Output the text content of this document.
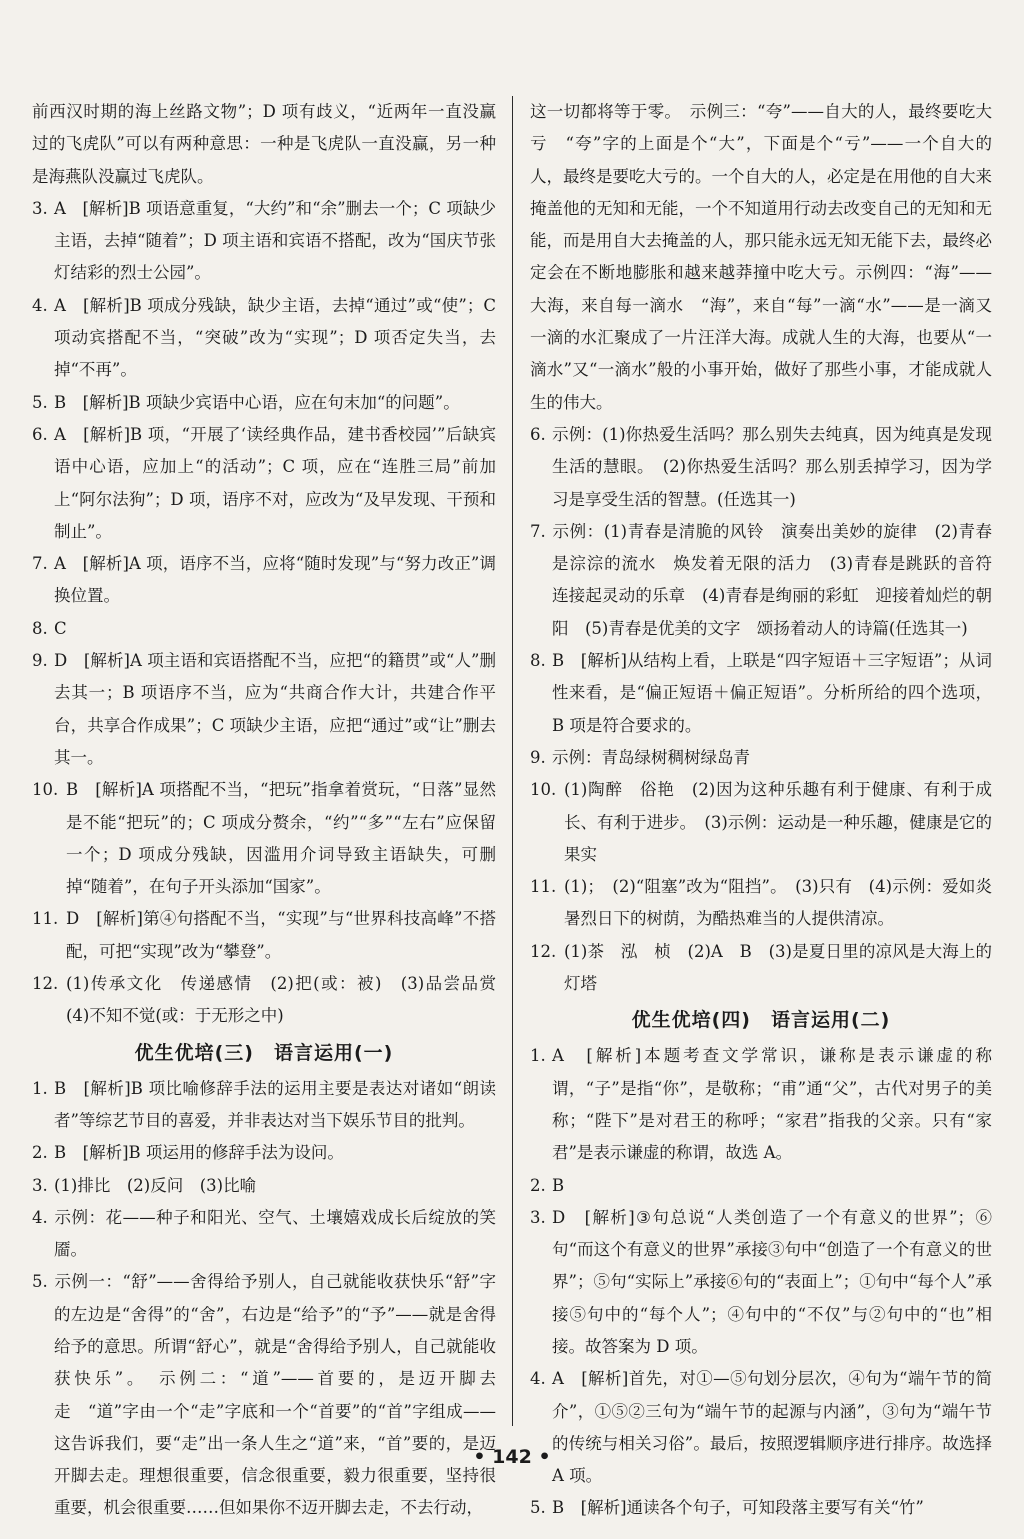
前西汉时期的海上丝路文物”；D 项有歧义，“近两年一直没赢过的飞虎队”可以有两种意思：一种是飞虎队一直没赢，另一种是海燕队没赢过飞虎队。
3. A　[解析]B 项语意重复，“大约”和“余”删去一个；C 项缺少主语，去掉“随着”；D 项主语和宾语不搭配，改为“国庆节张灯结彩的烈士公园”。
4. A　[解析]B 项成分残缺，缺少主语，去掉“通过”或“使”；C 项动宾搭配不当，“突破”改为“实现”；D 项否定失当，去掉“不再”。
5. B　[解析]B 项缺少宾语中心语，应在句末加“的问题”。
6. A　[解析]B 项，“开展了‘读经典作品，建书香校园’”后缺宾语中心语，应加上“的活动”；C 项，应在“连胜三局”前加上“阿尔法狗”；D 项，语序不对，应改为“及早发现、干预和制止”。
7. A　[解析]A 项，语序不当，应将“随时发现”与“努力改正”调换位置。
8. C
9. D　[解析]A 项主语和宾语搭配不当，应把“的籍贯”或“人”删去其一；B 项语序不当，应为“共商合作大计，共建合作平台，共享合作成果”；C 项缺少主语，应把“通过”或“让”删去其一。
10. B　[解析]A 项搭配不当，“把玩”指拿着赏玩，“日落”显然是不能“把玩”的；C 项成分赘余，“约”“多”“左右”应保留一个；D 项成分残缺，因滥用介词导致主语缺失，可删掉“随着”，在句子开头添加“国家”。
11. D　[解析]第④句搭配不当，“实现”与“世界科技高峰”不搭配，可把“实现”改为“攀登”。
12. (1)传承文化　传递感情　(2)把(或：被)　(3)品尝品赏　(4)不知不觉(或：于无形之中)
优生优培(三)　语言运用(一)
1. B　[解析]B 项比喻修辞手法的运用主要是表达对诸如“朗读者”等综艺节目的喜爱，并非表达对当下娱乐节目的批判。
2. B　[解析]B 项运用的修辞手法为设问。
3. (1)排比　(2)反问　(3)比喻
4. 示例：花——种子和阳光、空气、土壤嬉戏成长后绽放的笑靥。
5. 示例一：“舒”——舍得给予别人，自己就能收获快乐“舒”字的左边是“舍得”的“舍”，右边是“给予”的“予”——就是舍得给予的意思。所谓“舒心”，就是“舍得给予别人，自己就能收获快乐”。　示例二：“道”——首要的，是迈开脚去走　“道”字由一个“走”字底和一个“首要”的“首”字组成——这告诉我们，要“走”出一条人生之“道”来，“首”要的，是迈开脚去走。理想很重要，信念很重要，毅力很重要，坚持很重要，机会很重要……但如果你不迈开脚去走，不去行动，
这一切都将等于零。　示例三：“夸”——自大的人，最终要吃大亏　“夸”字的上面是个“大”，下面是个“亏”——一个自大的人，最终是要吃大亏的。一个自大的人，必定是在用他的自大来掩盖他的无知和无能，一个不知道用行动去改变自己的无知和无能，而是用自大去掩盖的人，那只能永远无知无能下去，最终必定会在不断地膨胀和越来越莽撞中吃大亏。示例四：“海”——大海，来自每一滴水　“海”，来自“每”一滴“水”——是一滴又一滴的水汇聚成了一片汪洋大海。成就人生的大海，也要从“一滴水”又“一滴水”般的小事开始，做好了那些小事，才能成就人生的伟大。
6. 示例：(1)你热爱生活吗？那么别失去纯真，因为纯真是发现生活的慧眼。　(2)你热爱生活吗？那么别丢掉学习，因为学习是享受生活的智慧。(任选其一)
7. 示例：(1)青春是清脆的风铃　演奏出美妙的旋律　(2)青春是淙淙的流水　焕发着无限的活力　(3)青春是跳跃的音符　连接起灵动的乐章　(4)青春是绚丽的彩虹　迎接着灿烂的朝阳　(5)青春是优美的文字　颂扬着动人的诗篇(任选其一)
8. B　[解析]从结构上看，上联是“四字短语＋三字短语”；从词性来看，是“偏正短语＋偏正短语”。分析所给的四个选项，B 项是符合要求的。
9. 示例：青岛绿树稠树绿岛青
10. (1)陶醉　俗艳　(2)因为这种乐趣有利于健康、有利于成长、有利于进步。　(3)示例：运动是一种乐趣，健康是它的果实
11. (1)；　(2)“阻塞”改为“阻挡”。　(3)只有　(4)示例：爱如炎暑烈日下的树荫，为酷热难当的人提供清凉。
12. (1)茶　泓　桢　(2)A　B　(3)是夏日里的凉风是大海上的灯塔
优生优培(四)　语言运用(二)
1. A　[解析]本题考查文学常识，谦称是表示谦虚的称谓，“子”是指“你”，是敬称；“甫”通“父”，古代对男子的美称；“陛下”是对君王的称呼；“家君”指我的父亲。只有“家君”是表示谦虚的称谓，故选 A。
2. B
3. D　[解析]③句总说“人类创造了一个有意义的世界”；⑥句“而这个有意义的世界”承接③句中“创造了一个有意义的世界”；⑤句“实际上”承接⑥句的“表面上”；①句中“每个人”承接⑤句中的“每个人”；④句中的“不仅”与②句中的“也”相接。故答案为 D 项。
4. A　[解析]首先，对①—⑤句划分层次，④句为“端午节的简介”，①⑤②三句为“端午节的起源与内涵”，③句为“端午节的传统与相关习俗”。最后，按照逻辑顺序进行排序。故选择 A 项。
5. B　[解析]通读各个句子，可知段落主要写有关“竹”
• 142 •
